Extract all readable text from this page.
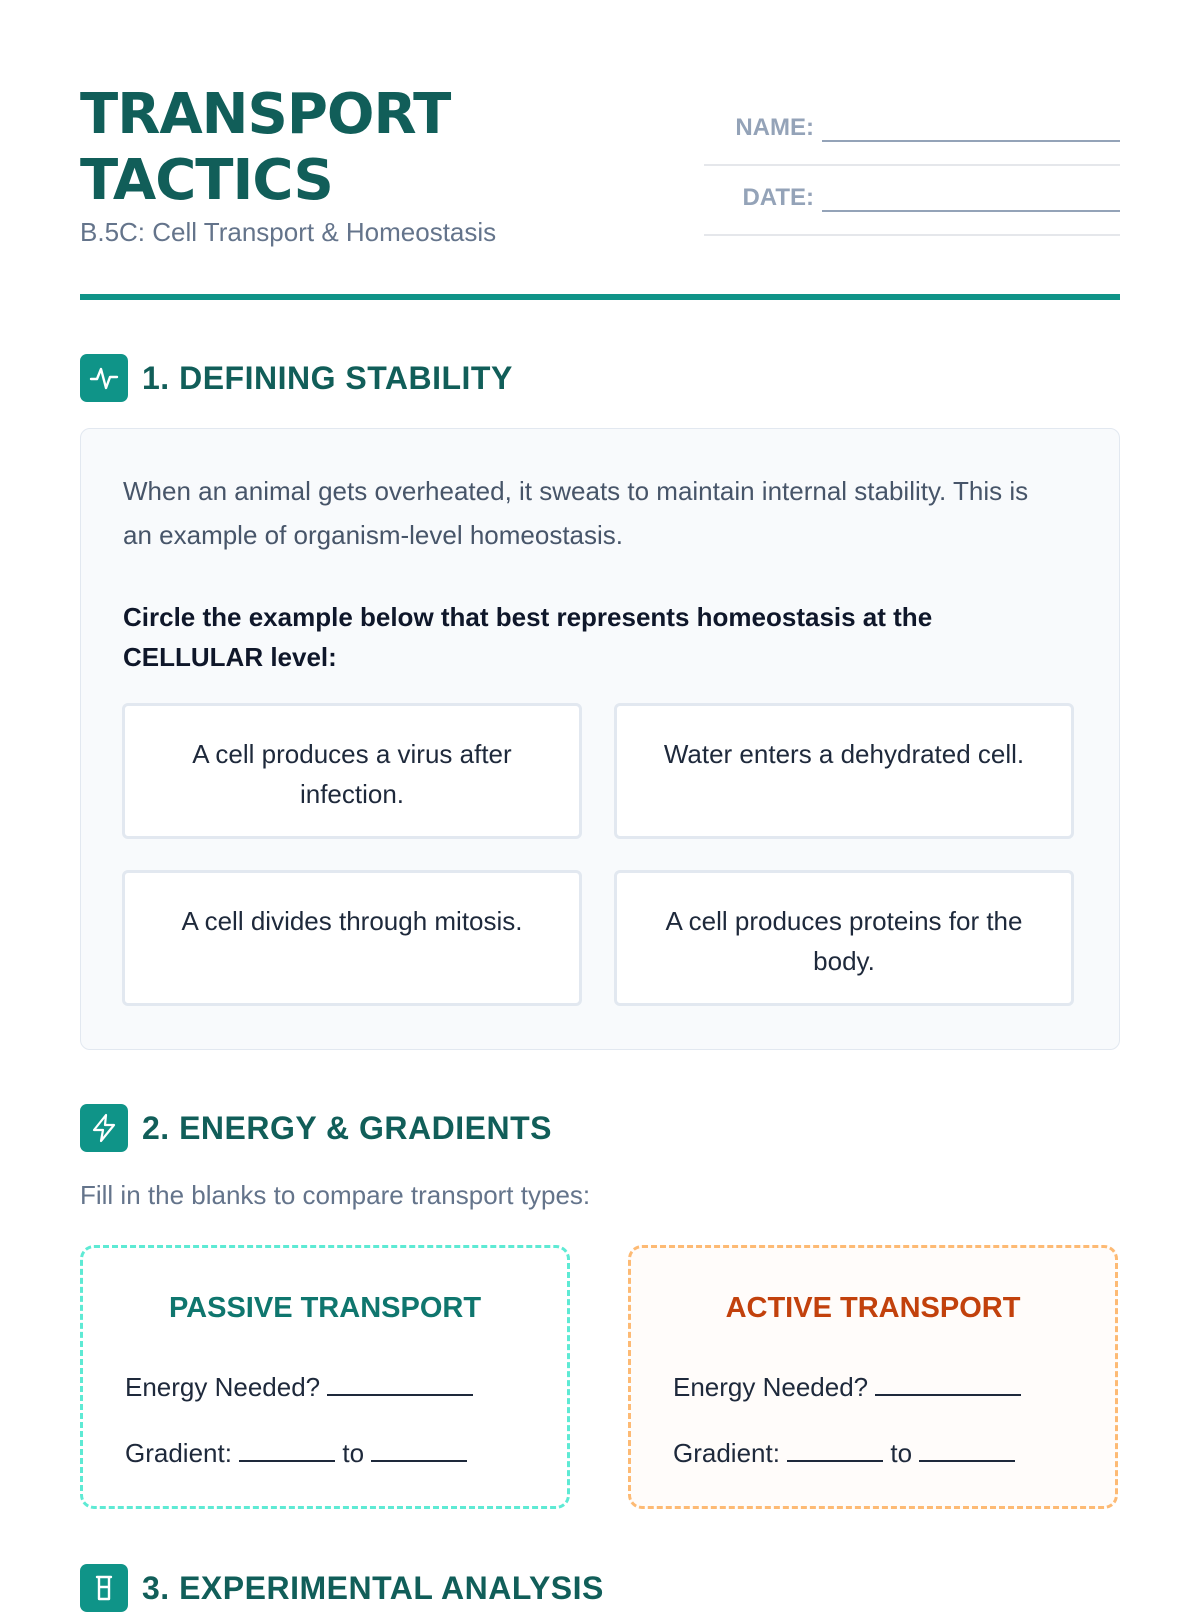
TRANSPORT
TACTICS
B.5C: Cell Transport & Homeostasis
NAME:
DATE:
1. DEFINING STABILITY
When an animal gets overheated, it sweats to maintain internal stability. This is an example of organism-level homeostasis.
Circle the example below that best represents homeostasis at the CELLULAR level:
A cell produces a virus after infection.
Water enters a dehydrated cell.
A cell divides through mitosis.	A cell produces proteins for the body.
2. ENERGY & GRADIENTS
Fill in the blanks to compare transport types:
PASSIVE TRANSPORT
Energy Needed?
Gradient:	to
ACTIVE TRANSPORT
Energy Needed?
Gradient:	to
3. EXPERIMENTAL ANALYSIS
